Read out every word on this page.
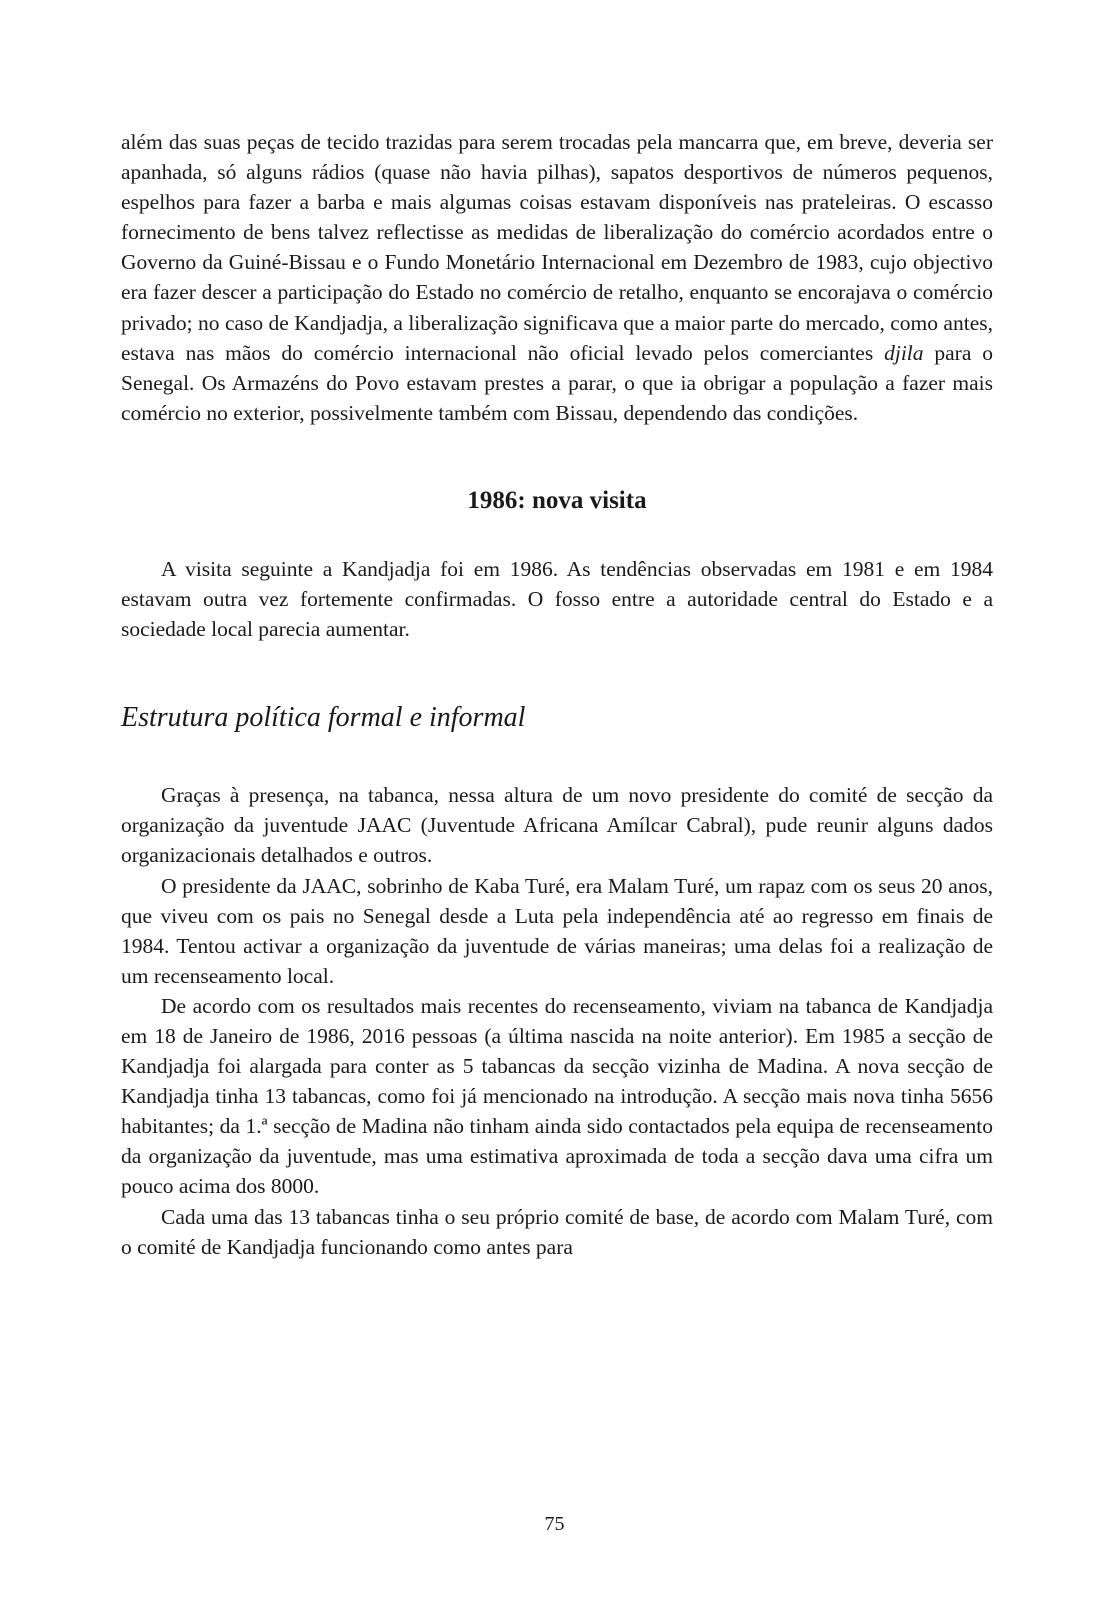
além das suas peças de tecido trazidas para serem trocadas pela mancarra que, em breve, deveria ser apanhada, só alguns rádios (quase não havia pilhas), sapatos desportivos de números pequenos, espelhos para fazer a barba e mais algumas coisas estavam disponíveis nas prateleiras. O escasso fornecimento de bens talvez reflectisse as medidas de liberalização do comércio acordados entre o Governo da Guiné-Bissau e o Fundo Monetário Internacional em Dezembro de 1983, cujo objectivo era fazer descer a participação do Estado no comércio de retalho, enquanto se encorajava o comércio privado; no caso de Kandjadja, a liberalização significava que a maior parte do mercado, como antes, estava nas mãos do comércio internacional não oficial levado pelos comerciantes djila para o Senegal. Os Armazéns do Povo estavam prestes a parar, o que ia obrigar a população a fazer mais comércio no exterior, possivelmente também com Bissau, dependendo das condições.

1986: nova visita

A visita seguinte a Kandjadja foi em 1986. As tendências observadas em 1981 e em 1984 estavam outra vez fortemente confirmadas. O fosso entre a autoridade central do Estado e a sociedade local parecia aumentar.

Estrutura política formal e informal

Graças à presença, na tabanca, nessa altura de um novo presidente do comité de secção da organização da juventude JAAC (Juventude Africana Amílcar Cabral), pude reunir alguns dados organizacionais detalhados e outros.

O presidente da JAAC, sobrinho de Kaba Turé, era Malam Turé, um rapaz com os seus 20 anos, que viveu com os pais no Senegal desde a Luta pela independência até ao regresso em finais de 1984. Tentou activar a organização da juventude de várias maneiras; uma delas foi a realização de um recenseamento local.

De acordo com os resultados mais recentes do recenseamento, viviam na tabanca de Kandjadja em 18 de Janeiro de 1986, 2016 pessoas (a última nascida na noite anterior). Em 1985 a secção de Kandjadja foi alargada para conter as 5 tabancas da secção vizinha de Madina. A nova secção de Kandjadja tinha 13 tabancas, como foi já mencionado na introdução. A secção mais nova tinha 5656 habitantes; da 1.ª secção de Madina não tinham ainda sido contactados pela equipa de recenseamento da organização da juventude, mas uma estimativa aproximada de toda a secção dava uma cifra um pouco acima dos 8000.

Cada uma das 13 tabancas tinha o seu próprio comité de base, de acordo com Malam Turé, com o comité de Kandjadja funcionando como antes para

75
